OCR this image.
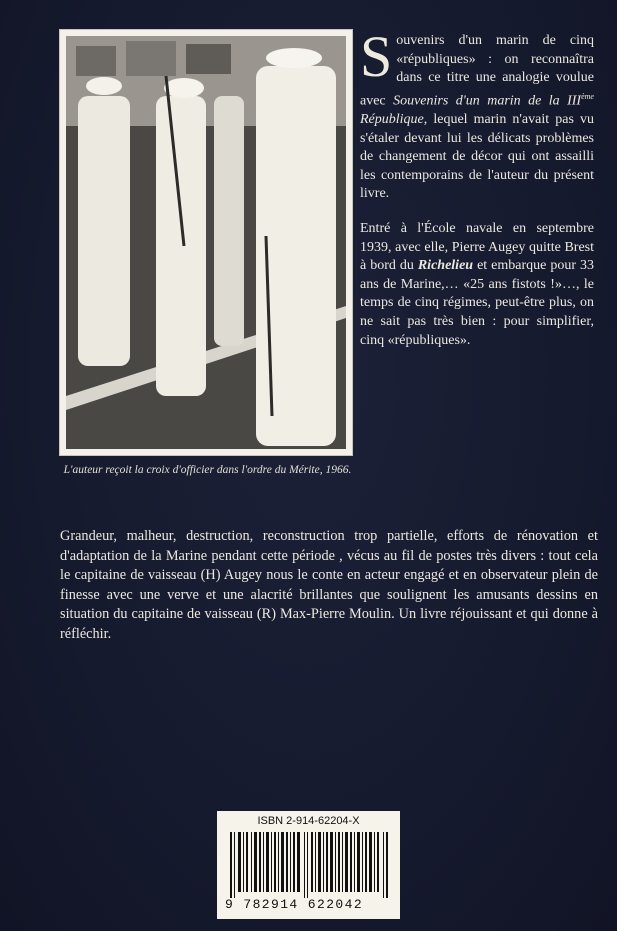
L'auteur reçoit la croix d'officier dans l'ordre du Mérite, 1966.

Souvenirs d'un marin de cinq «républiques» : on reconnaîtra dans ce titre une analogie voulue avec Souvenirs d'un marin de la IIIème République, lequel marin n'avait pas vu s'étaler devant lui les délicats problèmes de changement de décor qui ont assailli les contemporains de l'auteur du présent livre.

Entré à l'École navale en septembre 1939, avec elle, Pierre Augey quitte Brest à bord du Richelieu et embarque pour 33 ans de Marine,… «25 ans fistots !»…, le temps de cinq régimes, peut-être plus, on ne sait pas très bien : pour simplifier, cinq «républiques».

Grandeur, malheur, destruction, reconstruction trop partielle, efforts de rénovation et d'adaptation de la Marine pendant cette période , vécus au fil de postes très divers : tout cela le capitaine de vaisseau (H) Augey nous le conte en acteur engagé et en observateur plein de finesse avec une verve et une alacrité brillantes que soulignent les amusants dessins en situation du capitaine de vaisseau (R) Max-Pierre Moulin. Un livre réjouissant et qui donne à réfléchir.
ISBN 2-914-62204-X
9 782914 622042
